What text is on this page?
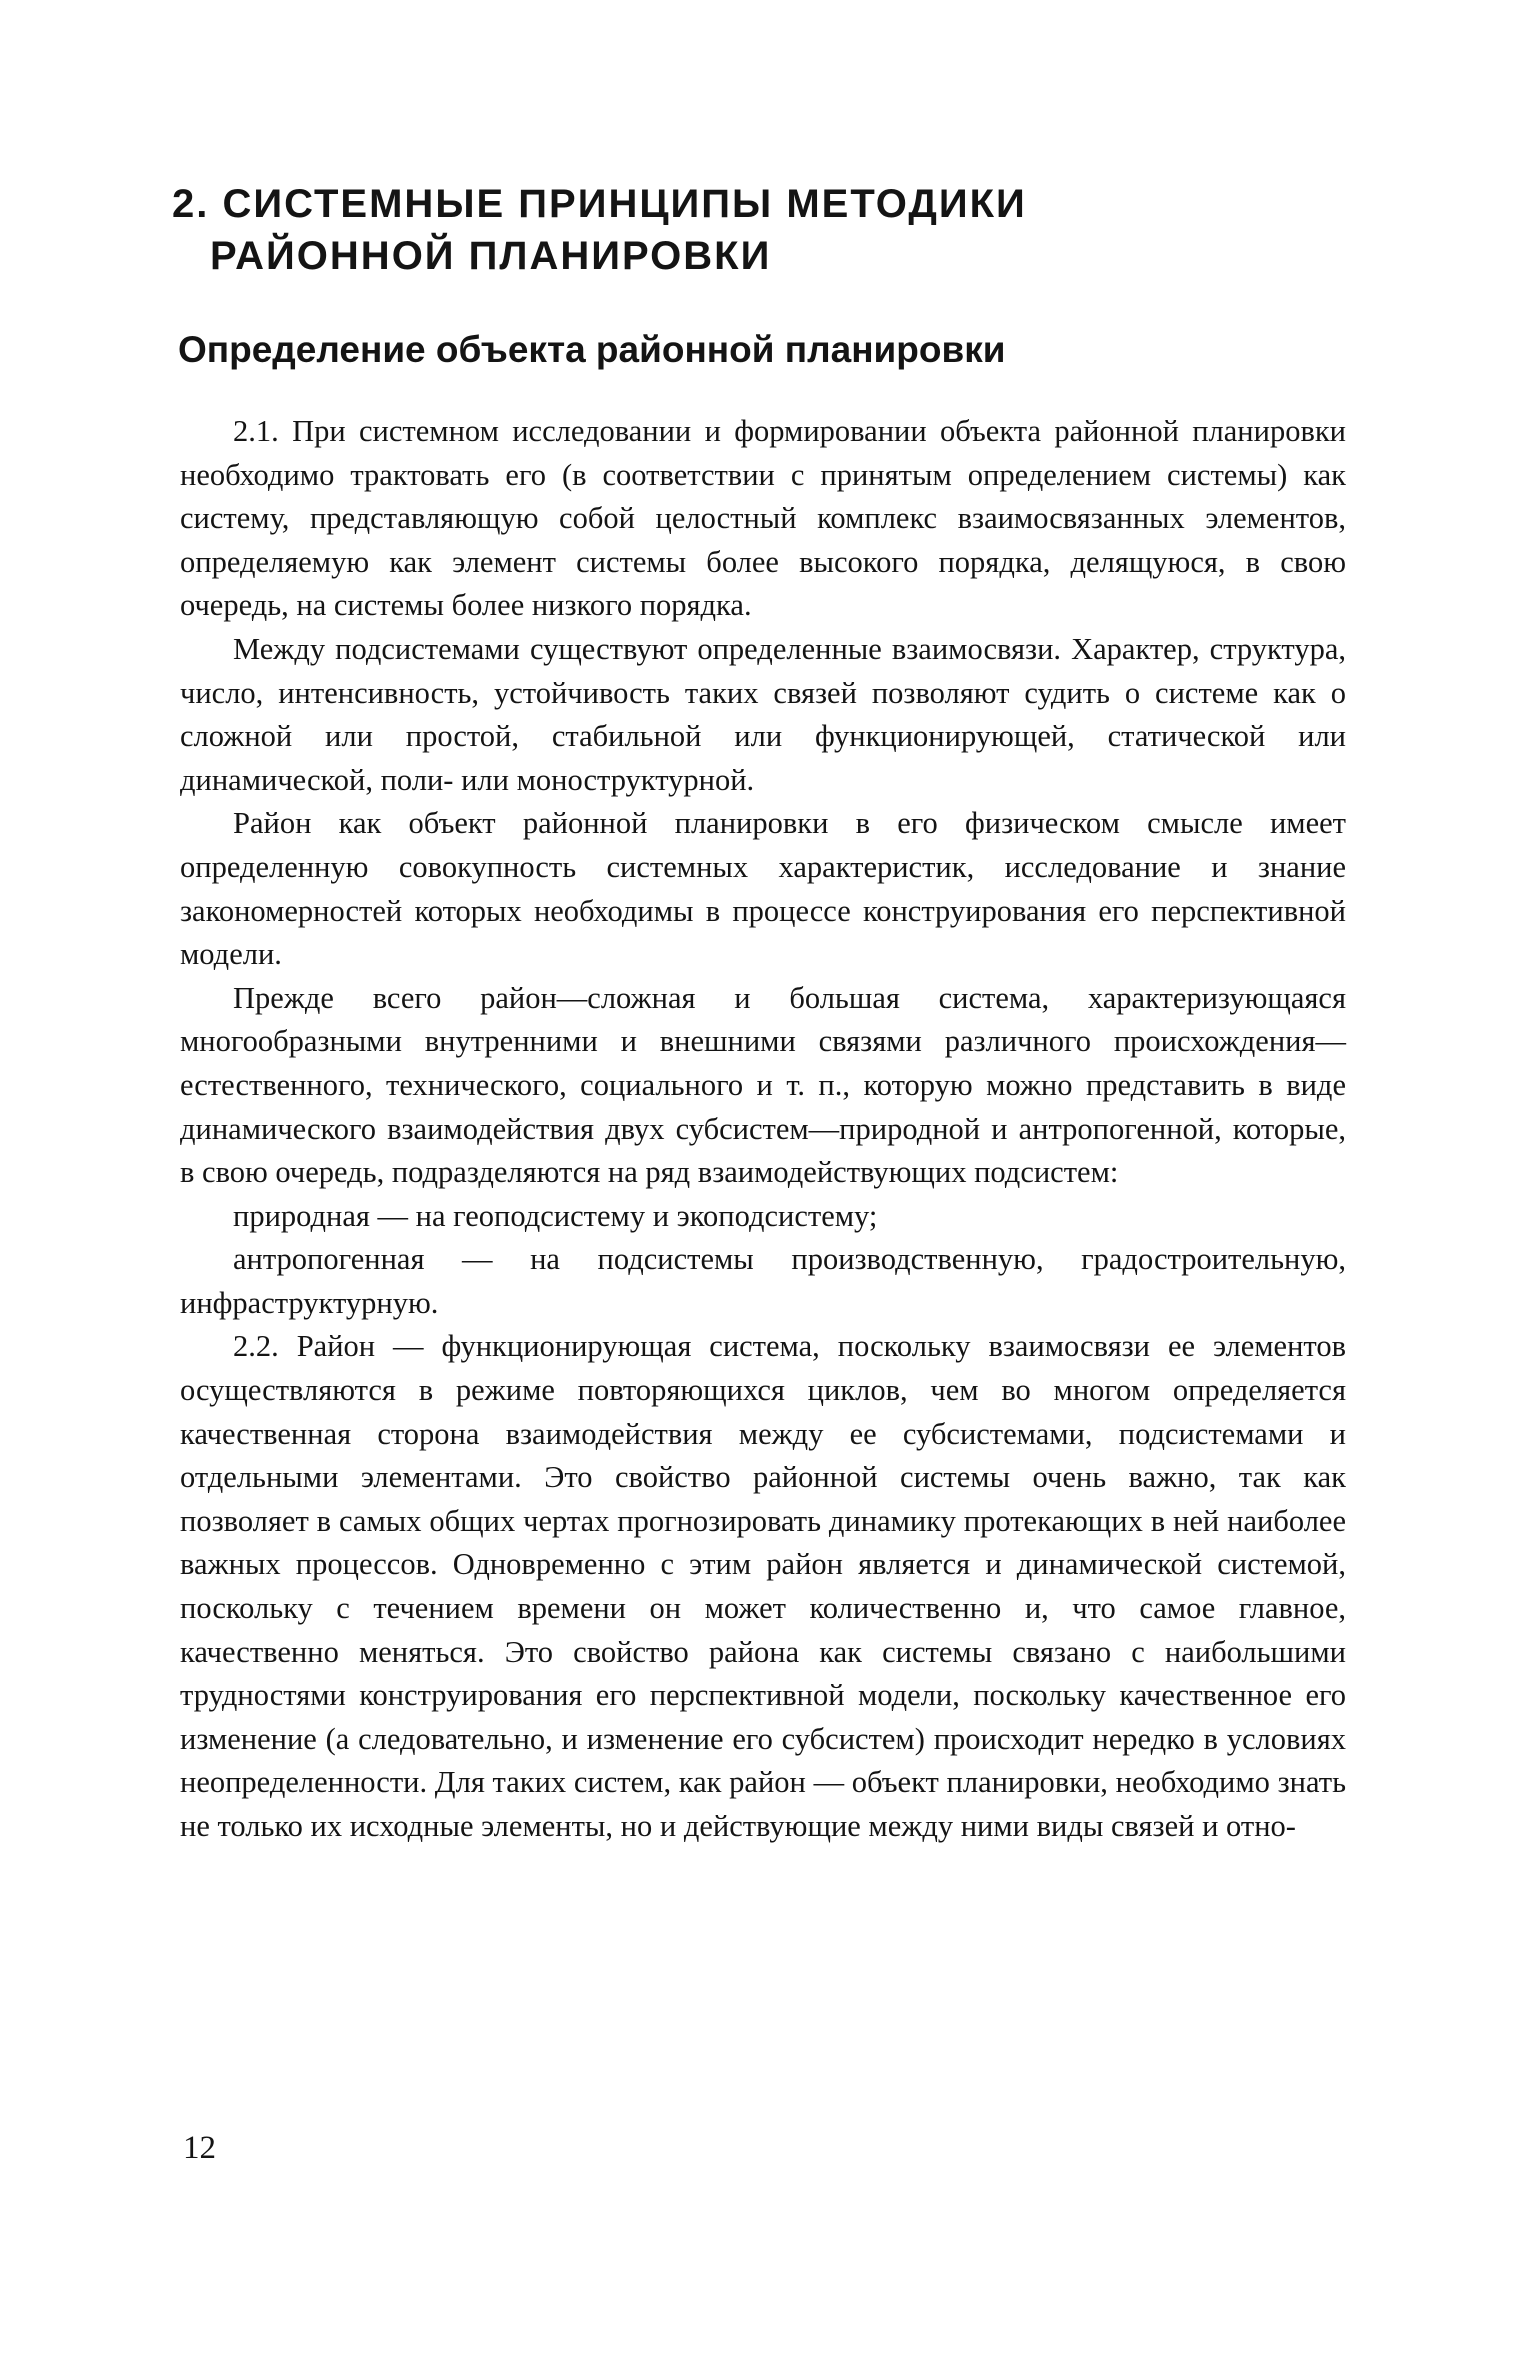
2. СИСТЕМНЫЕ ПРИНЦИПЫ МЕТОДИКИ
РАЙОННОЙ ПЛАНИРОВКИ
Определение объекта районной планировки

2.1. При системном исследовании и формировании объекта районной планировки необходимо трактовать его (в соответствии с принятым определением системы) как систему, представляющую собой целостный комплекс взаимосвязанных элементов, определяемую как элемент системы более высокого порядка, делящуюся, в свою очередь, на системы более низкого порядка.

Между подсистемами существуют определенные взаимосвязи. Характер, структура, число, интенсивность, устойчивость таких связей позволяют судить о системе как о сложной или простой, стабильной или функционирующей, статической или динамической, поли- или моноструктурной.

Район как объект районной планировки в его физическом смысле имеет определенную совокупность системных характеристик, исследование и знание закономерностей которых необходимы в процессе конструирования его перспективной модели.

Прежде всего район—сложная и большая система, характеризующаяся многообразными внутренними и внешними связями различного происхождения—естественного, технического, социального и т. п., которую можно представить в виде динамического взаимодействия двух субсистем—природной и антропогенной, которые, в свою очередь, подразделяются на ряд взаимодействующих подсистем:

природная — на геоподсистему и экоподсистему;

антропогенная — на подсистемы производственную, градостроительную, инфраструктурную.

2.2. Район — функционирующая система, поскольку взаимосвязи ее элементов осуществляются в режиме повторяющихся циклов, чем во многом определяется качественная сторона взаимодействия между ее субсистемами, подсистемами и отдельными элементами. Это свойство районной системы очень важно, так как позволяет в самых общих чертах прогнозировать динамику протекающих в ней наиболее важных процессов. Одновременно с этим район является и динамической системой, поскольку с течением времени он может количественно и, что самое главное, качественно меняться. Это свойство района как системы связано с наибольшими трудностями конструирования его перспективной модели, поскольку качественное его изменение (а следовательно, и изменение его субсистем) происходит нередко в условиях неопределенности. Для таких систем, как район — объект планировки, необходимо знать не только их исходные элементы, но и действующие между ними виды связей и отно-

12
